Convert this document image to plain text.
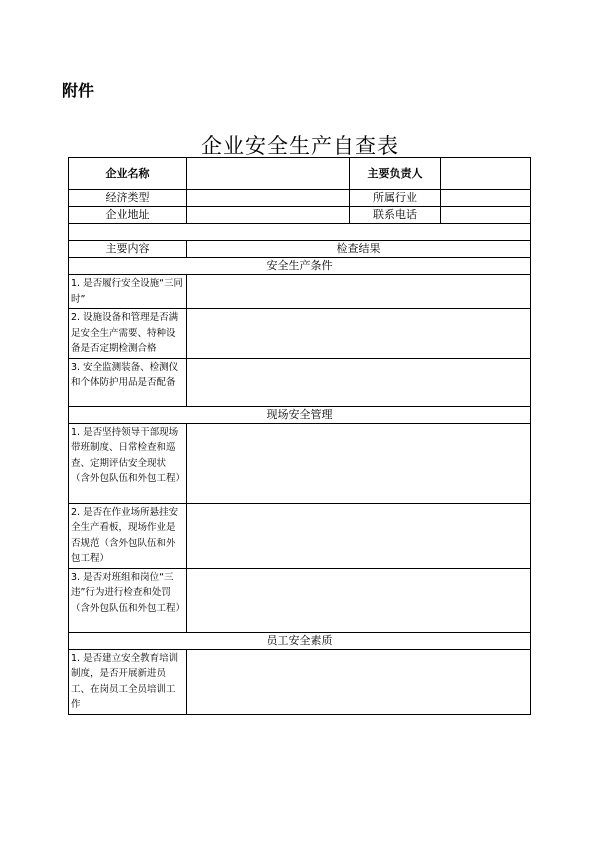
附件
企业安全生产自查表
企业名称		主要负责人	
经济类型		所属行业	
企业地址		联系电话	

主要内容	检查结果		
安全生产条件			
1. 是否履行安全设施“三同时”			
2. 设施设备和管理是否满足安全生产需要、特种设备是否定期检测合格			
3. 安全监测装备、检测仪和个体防护用品是否配备			
现场安全管理			
1. 是否坚持领导干部现场带班制度、日常检查和巡查、定期评估安全现状（含外包队伍和外包工程）			
2. 是否在作业场所悬挂安全生产看板，现场作业是否规范（含外包队伍和外包工程）			
3. 是否对班组和岗位“三违”行为进行检查和处罚（含外包队伍和外包工程）			
员工安全素质			
1. 是否建立安全教育培训制度，是否开展新进员工、在岗员工全员培训工作			
